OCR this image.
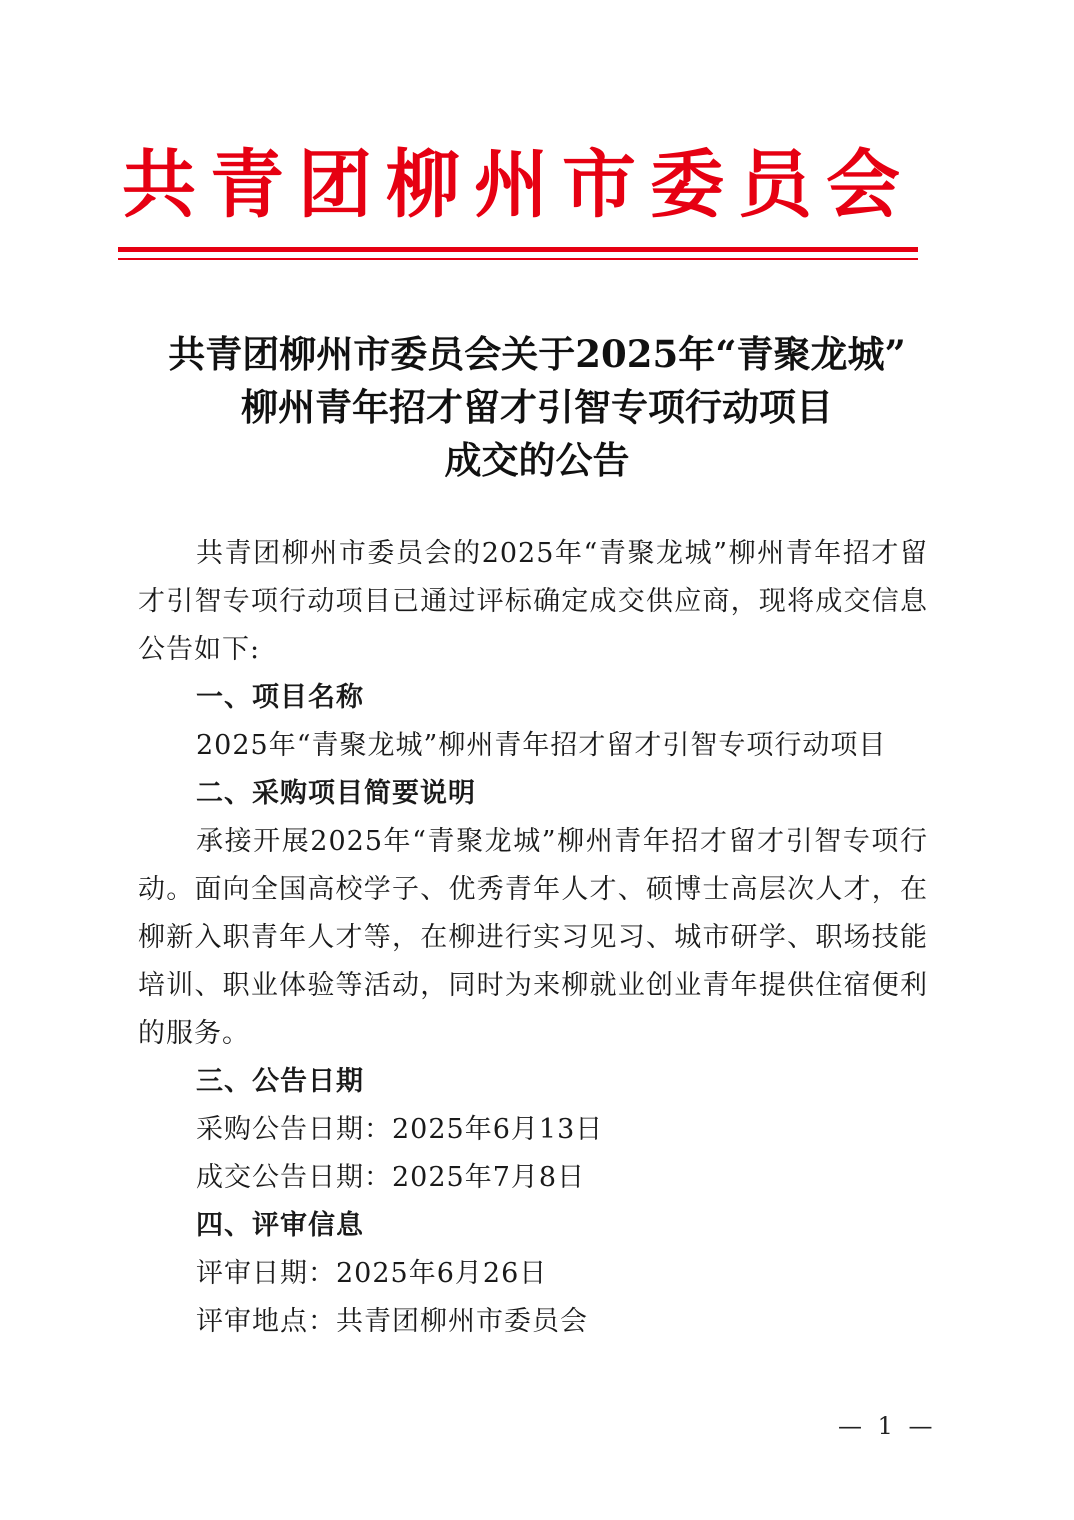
共青团柳州市委员会
共青团柳州市委员会关于2025年“青聚龙城”
柳州青年招才留才引智专项行动项目
成交的公告
共青团柳州市委员会的2025年“青聚龙城”柳州青年招才留才引智专项行动项目已通过评标确定成交供应商，现将成交信息公告如下:
一、项目名称
2025年“青聚龙城”柳州青年招才留才引智专项行动项目
二、采购项目简要说明
承接开展2025年“青聚龙城”柳州青年招才留才引智专项行动。面向全国高校学子、优秀青年人才、硕博士高层次人才，在柳新入职青年人才等，在柳进行实习见习、城市研学、职场技能培训、职业体验等活动，同时为来柳就业创业青年提供住宿便利的服务。
三、公告日期
采购公告日期：2025年6月13日
成交公告日期：2025年7月8日
四、评审信息
评审日期：2025年6月26日
评审地点：共青团柳州市委员会
— 1 —
